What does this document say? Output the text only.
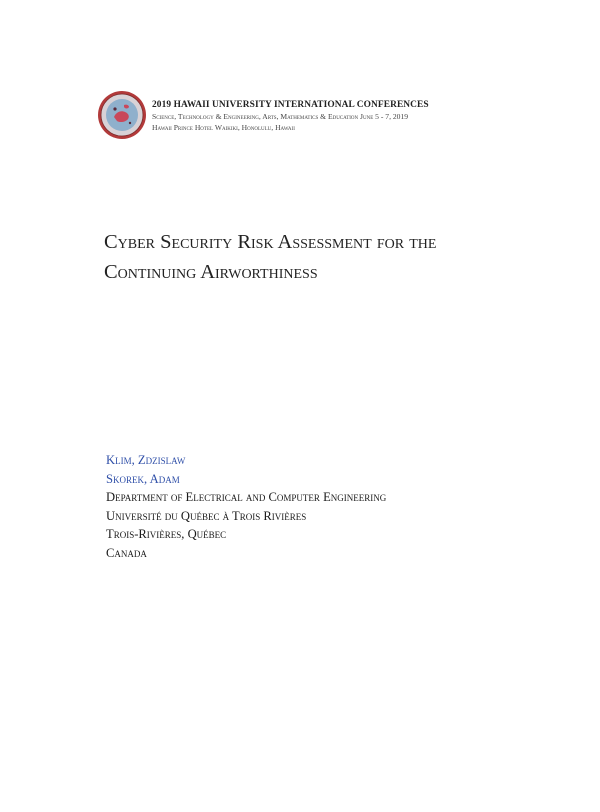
2019 HAWAII UNIVERSITY INTERNATIONAL CONFERENCES
Science, Technology & Engineering, Arts, Mathematics & Education June 5 - 7, 2019
Hawaii Prince Hotel Waikiki, Honolulu, Hawaii
Cyber Security Risk Assessment for the
Continuing Airworthiness
Klim, Zdzislaw
Skorek, Adam
Department of Electrical and Computer Engineering
Université du Québec à Trois Rivières
Trois-Rivières, Québec
Canada
